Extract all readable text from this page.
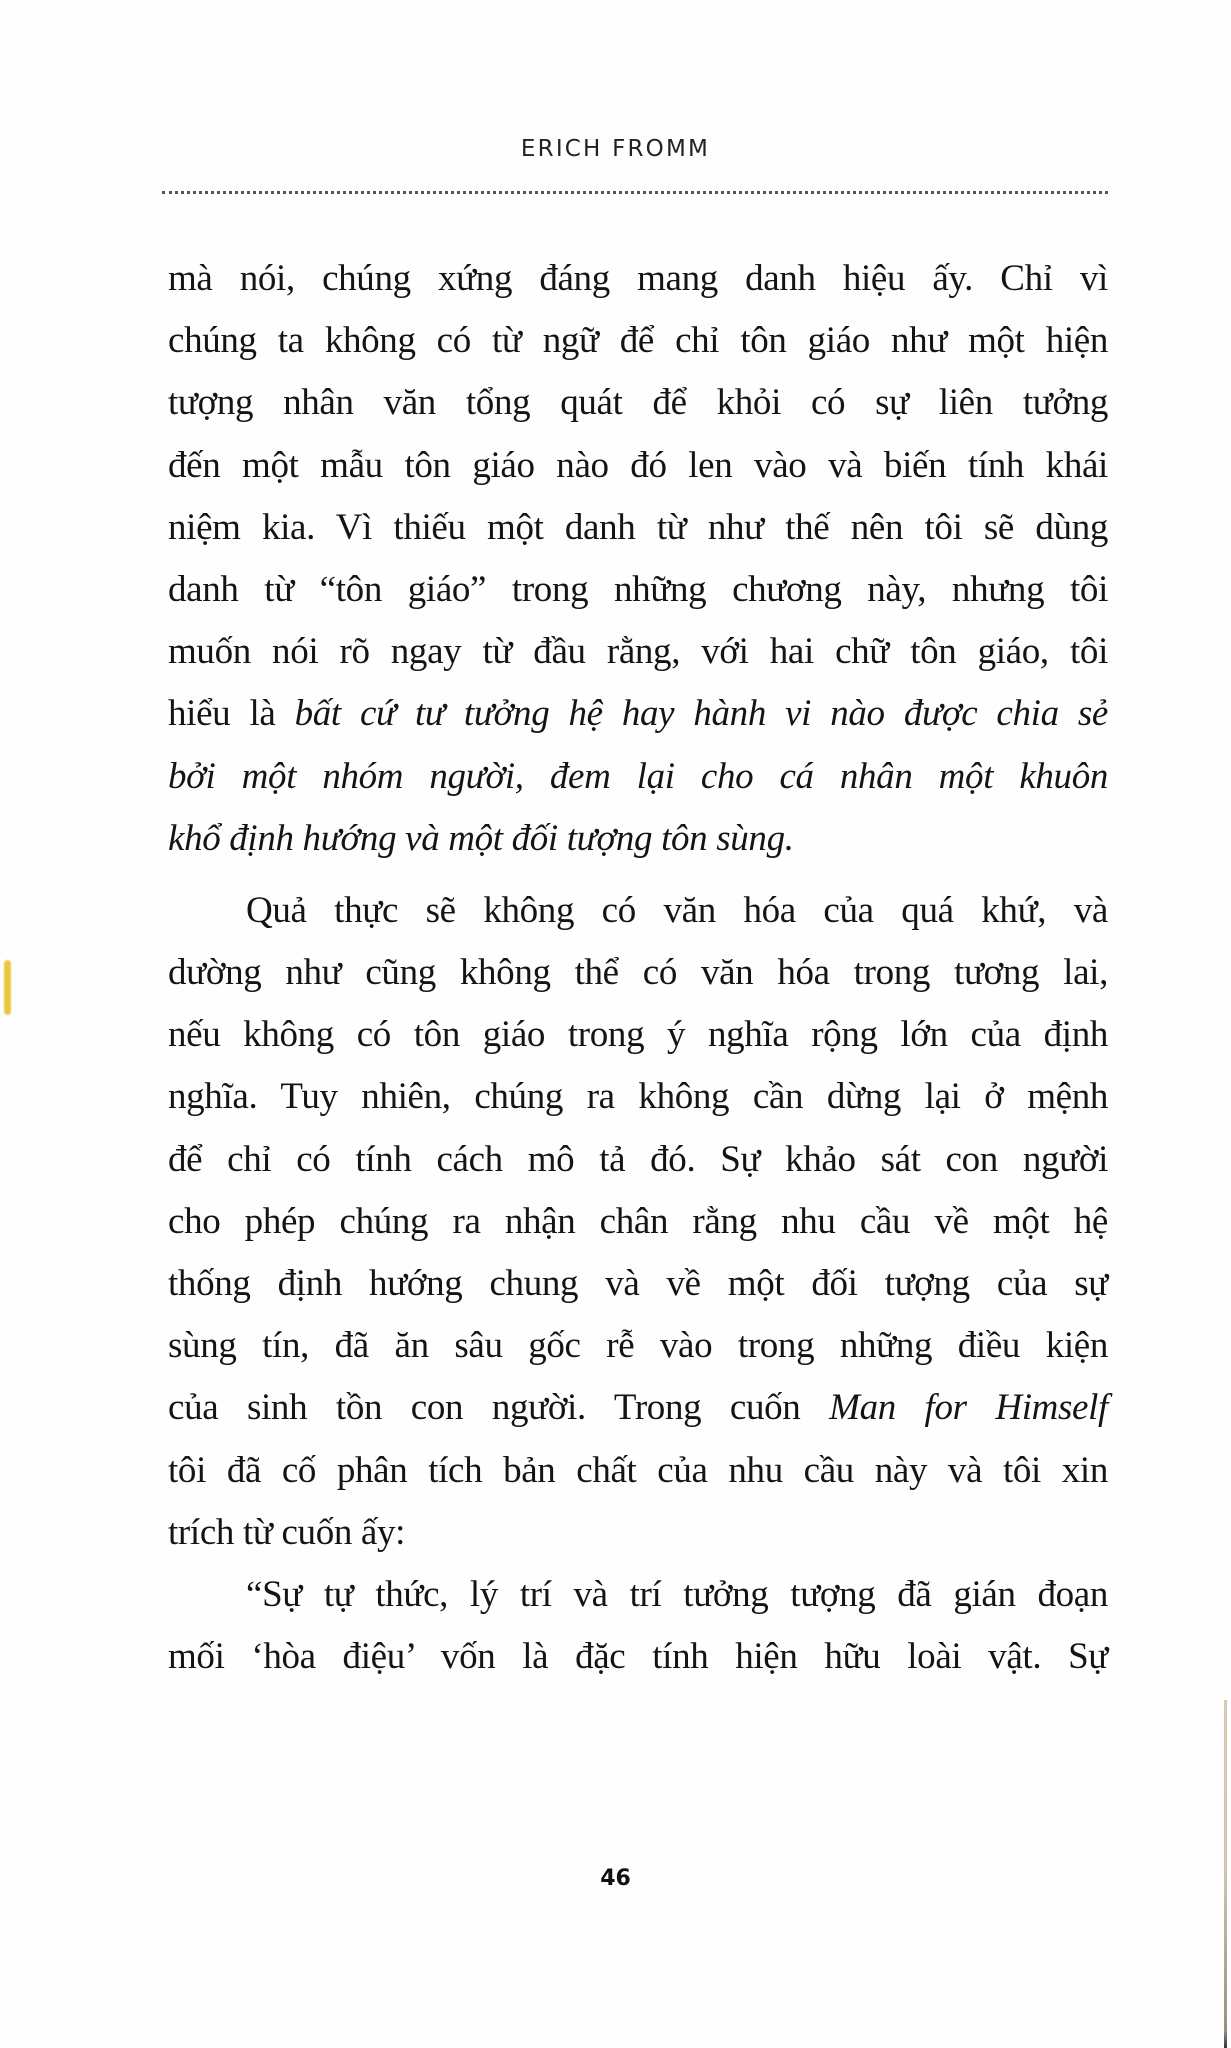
ERICH FROMM
mà nói, chúng xứng đáng mang danh hiệu ấy. Chỉ vì
chúng ta không có từ ngữ để chỉ tôn giáo như một hiện
tượng nhân văn tổng quát để khỏi có sự liên tưởng
đến một mẫu tôn giáo nào đó len vào và biến tính khái
niệm kia. Vì thiếu một danh từ như thế nên tôi sẽ dùng
danh từ “tôn giáo” trong những chương này, nhưng tôi
muốn nói rõ ngay từ đầu rằng, với hai chữ tôn giáo, tôi
hiểu là bất cứ tư tưởng hệ hay hành vi nào được chia sẻ
bởi một nhóm người, đem lại cho cá nhân một khuôn
khổ định hướng và một đối tượng tôn sùng.
Quả thực sẽ không có văn hóa của quá khứ, và
dường như cũng không thể có văn hóa trong tương lai,
nếu không có tôn giáo trong ý nghĩa rộng lớn của định
nghĩa. Tuy nhiên, chúng ra không cần dừng lại ở mệnh
để chỉ có tính cách mô tả đó. Sự khảo sát con người
cho phép chúng ra nhận chân rằng nhu cầu về một hệ
thống định hướng chung và về một đối tượng của sự
sùng tín, đã ăn sâu gốc rễ vào trong những điều kiện
của sinh tồn con người. Trong cuốn Man for Himself
tôi đã cố phân tích bản chất của nhu cầu này và tôi xin
trích từ cuốn ấy:
“Sự tự thức, lý trí và trí tưởng tượng đã gián đoạn
mối ‘hòa điệu’ vốn là đặc tính hiện hữu loài vật. Sự
46
